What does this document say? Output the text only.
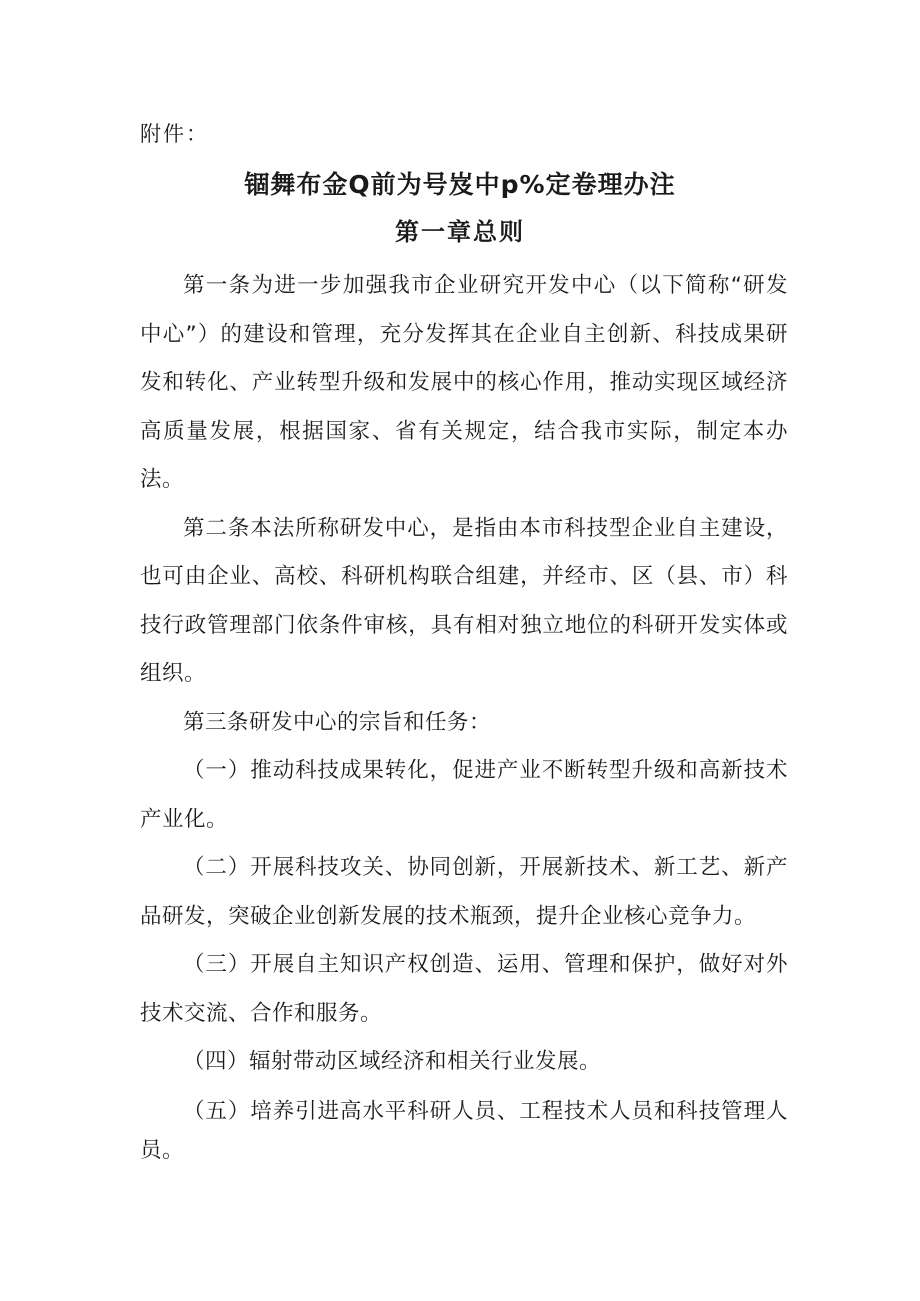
附件：
锢舞布金Q前为号岌中p%定卷理办注
第一章总则

第一条为进一步加强我市企业研究开发中心（以下简称“研发中心”）的建设和管理，充分发挥其在企业自主创新、科技成果研发和转化、产业转型升级和发展中的核心作用，推动实现区域经济高质量发展，根据国家、省有关规定，结合我市实际，制定本办法。

第二条本法所称研发中心，是指由本市科技型企业自主建设，也可由企业、高校、科研机构联合组建，并经市、区（县、市）科技行政管理部门依条件审核，具有相对独立地位的科研开发实体或组织。

第三条研发中心的宗旨和任务：

（一）推动科技成果转化，促进产业不断转型升级和高新技术产业化。

（二）开展科技攻关、协同创新，开展新技术、新工艺、新产品研发，突破企业创新发展的技术瓶颈，提升企业核心竞争力。

（三）开展自主知识产权创造、运用、管理和保护，做好对外技术交流、合作和服务。

（四）辐射带动区域经济和相关行业发展。

（五）培养引进高水平科研人员、工程技术人员和科技管理人员。
